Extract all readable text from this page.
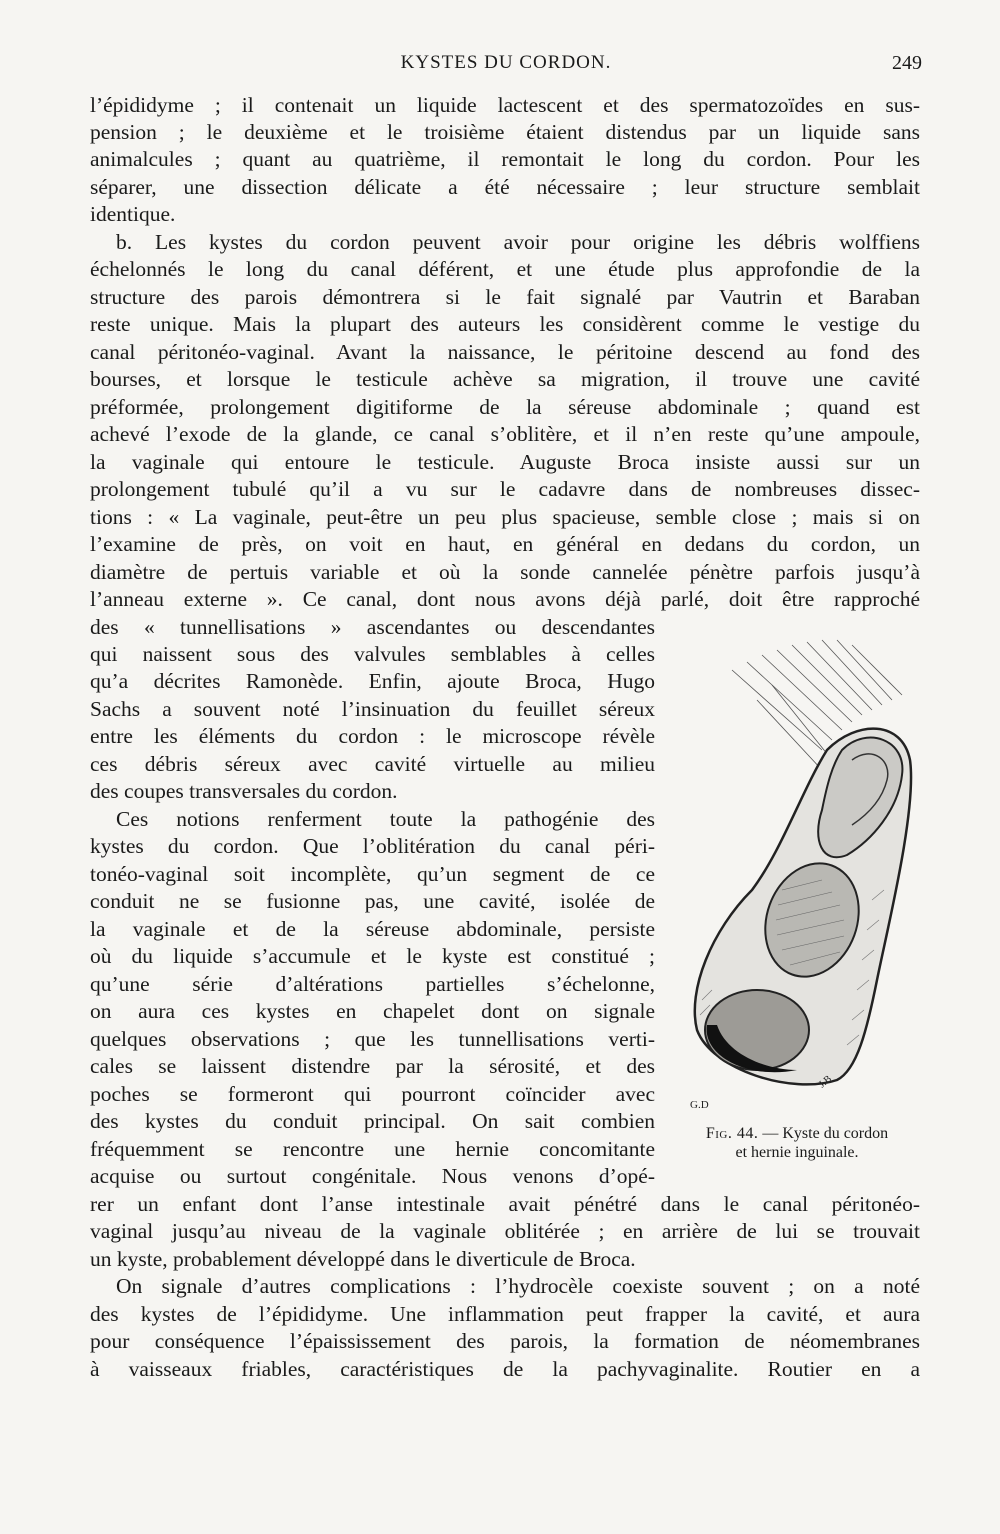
KYSTES DU CORDON.	249

l’épididyme ; il contenait un liquide lactescent et des spermatozoïdes en sus-

pension ; le deuxième et le troisième étaient distendus par un liquide sans

animalcules ; quant au quatrième, il remontait le long du cordon. Pour les

séparer, une dissection délicate a été nécessaire ; leur structure semblait

identique.

b. Les kystes du cordon peuvent avoir pour origine les débris wolffiens

échelonnés le long du canal déférent, et une étude plus approfondie de la

structure des parois démontrera si le fait signalé par Vautrin et Baraban

reste unique. Mais la plupart des auteurs les considèrent comme le vestige du

canal péritonéo-vaginal. Avant la naissance, le péritoine descend au fond des

bourses, et lorsque le testicule achève sa migration, il trouve une cavité

préformée, prolongement digitiforme de la séreuse abdominale ; quand est

achevé l’exode de la glande, ce canal s’oblitère, et il n’en reste qu’une ampoule,

la vaginale qui entoure le testicule. Auguste Broca insiste aussi sur un

prolongement tubulé qu’il a vu sur le cadavre dans de nombreuses dissec-

tions : « La vaginale, peut-être un peu plus spacieuse, semble close ; mais si on

l’examine de près, on voit en haut, en général en dedans du cordon, un

diamètre de pertuis variable et où la sonde cannelée pénètre parfois jusqu’à

l’anneau externe ». Ce canal, dont nous avons déjà parlé, doit être rapproché

des « tunnellisations » ascendantes ou descendantes

qui naissent sous des valvules semblables à celles

qu’a décrites Ramonède. Enfin, ajoute Broca, Hugo

Sachs a souvent noté l’insinuation du feuillet séreux

entre les éléments du cordon : le microscope révèle

ces débris séreux avec cavité virtuelle au milieu

des coupes transversales du cordon.

Ces notions renferment toute la pathogénie des

kystes du cordon. Que l’oblitération du canal péri-

tonéo-vaginal soit incomplète, qu’un segment de ce

conduit ne se fusionne pas, une cavité, isolée de

la vaginale et de la séreuse abdominale, persiste

où du liquide s’accumule et le kyste est constitué ;

qu’une série d’altérations partielles s’échelonne,

on aura ces kystes en chapelet dont on signale

quelques observations ; que les tunnellisations verti-

cales se laissent distendre par la sérosité, et des

poches se formeront qui pourront coïncider avec

des kystes du conduit principal. On sait combien

fréquemment se rencontre une hernie concomitante

acquise ou surtout congénitale. Nous venons d’opé-

rer un enfant dont l’anse intestinale avait pénétré dans le canal péritonéo-

vaginal jusqu’au niveau de la vaginale oblitérée ; en arrière de lui se trouvait

un kyste, probablement développé dans le diverticule de Broca.

On signale d’autres complications : l’hydrocèle coexiste souvent ; on a noté

des kystes de l’épididyme. Une inflammation peut frapper la cavité, et aura

pour conséquence l’épaississement des parois, la formation de néomembranes

à vaisseaux friables, caractéristiques de la pachyvaginalite. Routier en a

G.D
J.B
Fig. 44. — Kyste du cordon
et hernie inguinale.
